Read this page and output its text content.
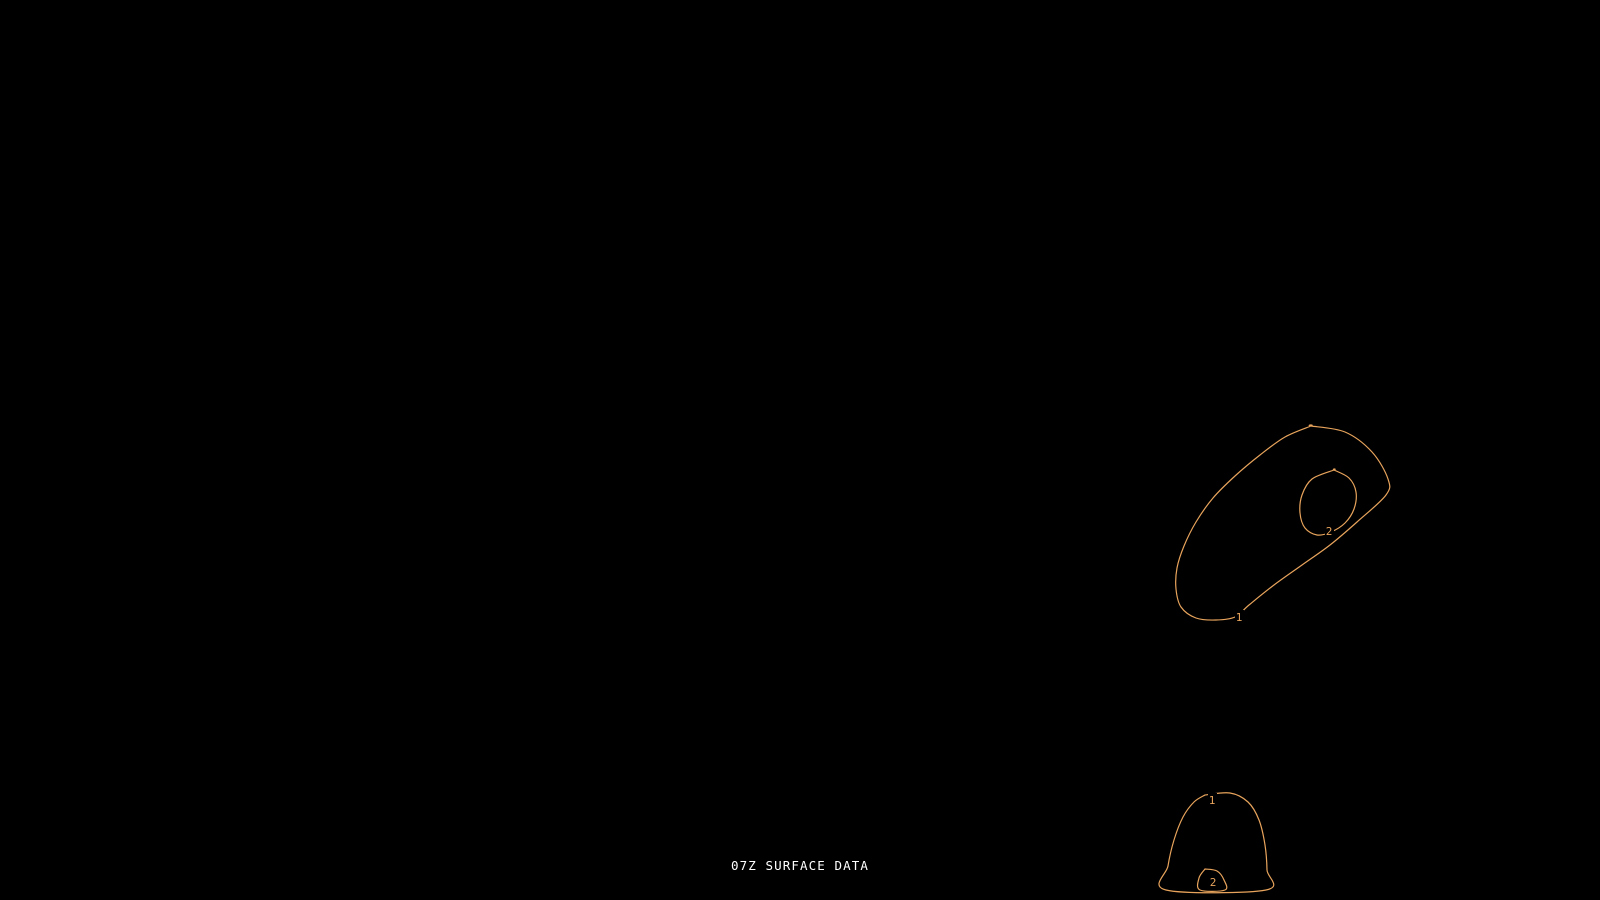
1
2
1
2
07Z SURFACE DATA
